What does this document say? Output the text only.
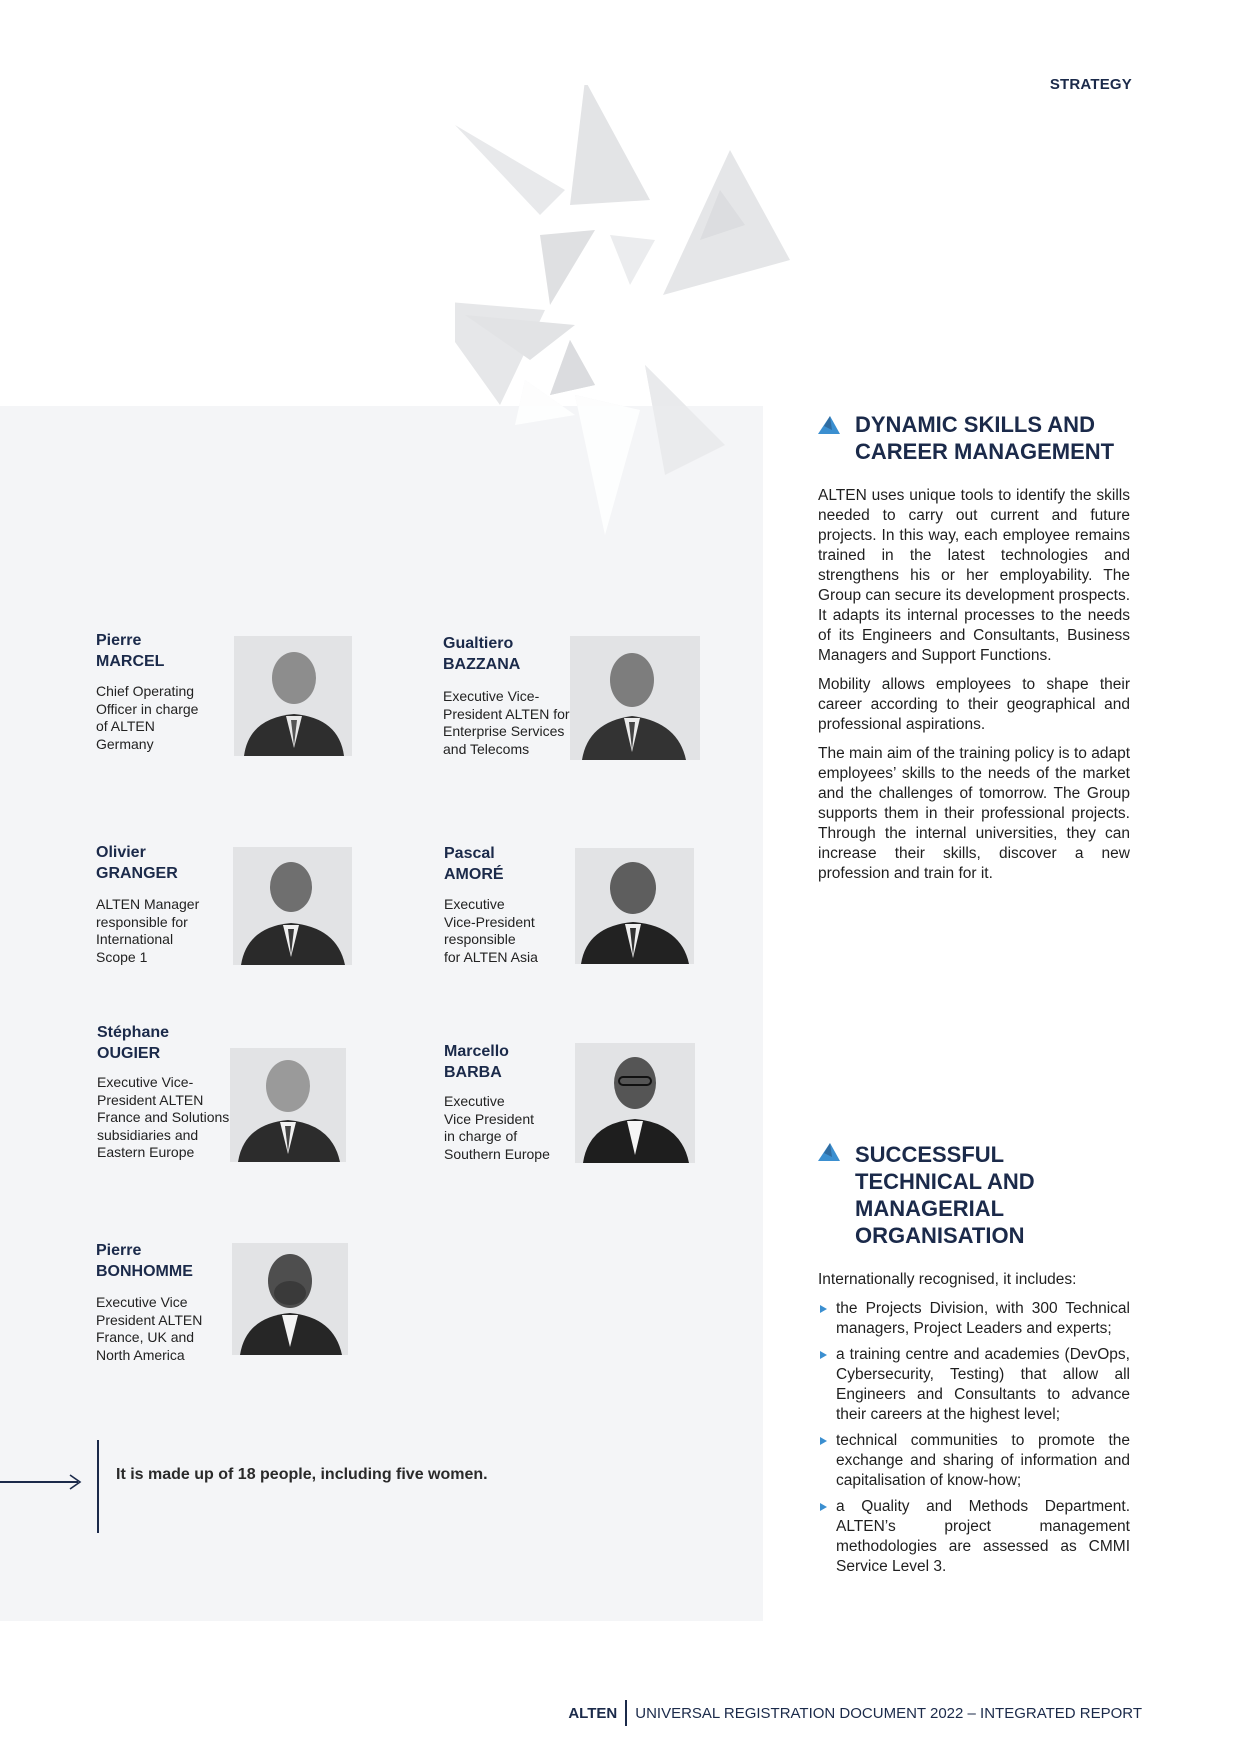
STRATEGY
Pierre
MARCEL
Chief Operating
Officer in charge
of ALTEN
Germany
Gualtiero
BAZZANA
Executive Vice-
President ALTEN for
Enterprise Services
and Telecoms
Olivier
GRANGER
ALTEN Manager
responsible for
International
Scope 1
Pascal
AMORÉ
Executive
Vice-President
responsible
for ALTEN Asia
Stéphane
OUGIER
Executive Vice-
President ALTEN
France and Solutions
subsidiaries and
Eastern Europe
Marcello
BARBA
Executive
Vice President
in charge of
Southern Europe
Pierre
BONHOMME
Executive Vice
President ALTEN
France, UK and
North America
It is made up of 18 people, including five women.
DYNAMIC SKILLS AND
CAREER MANAGEMENT

ALTEN uses unique tools to identify the skills needed to carry out current and future projects. In this way, each employee remains trained in the latest technologies and strengthens his or her employability. The Group can secure its development prospects. It adapts its internal processes to the needs of its Engineers and Consultants, Business Managers and Support Functions.

Mobility allows employees to shape their career according to their geographical and professional aspirations.

The main aim of the training policy is to adapt employees’ skills to the needs of the market and the challenges of tomorrow. The Group supports them in their professional projects. Through the internal universities, they can increase their skills, discover a new profession and train for it.

SUCCESSFUL
TECHNICAL AND
MANAGERIAL
ORGANISATION

Internationally recognised, it includes:

the Projects Division, with 300 Technical managers, Project Leaders and experts;
a training centre and academies (DevOps, Cybersecurity, Testing) that allow all Engineers and Consultants to advance their careers at the highest level;
technical communities to promote the exchange and sharing of information and capitalisation of know-how;
a Quality and Methods Department. ALTEN’s project management methodologies are assessed as CMMI Service Level 3.
ALTEN UNIVERSAL REGISTRATION DOCUMENT 2022 – INTEGRATED REPORT
